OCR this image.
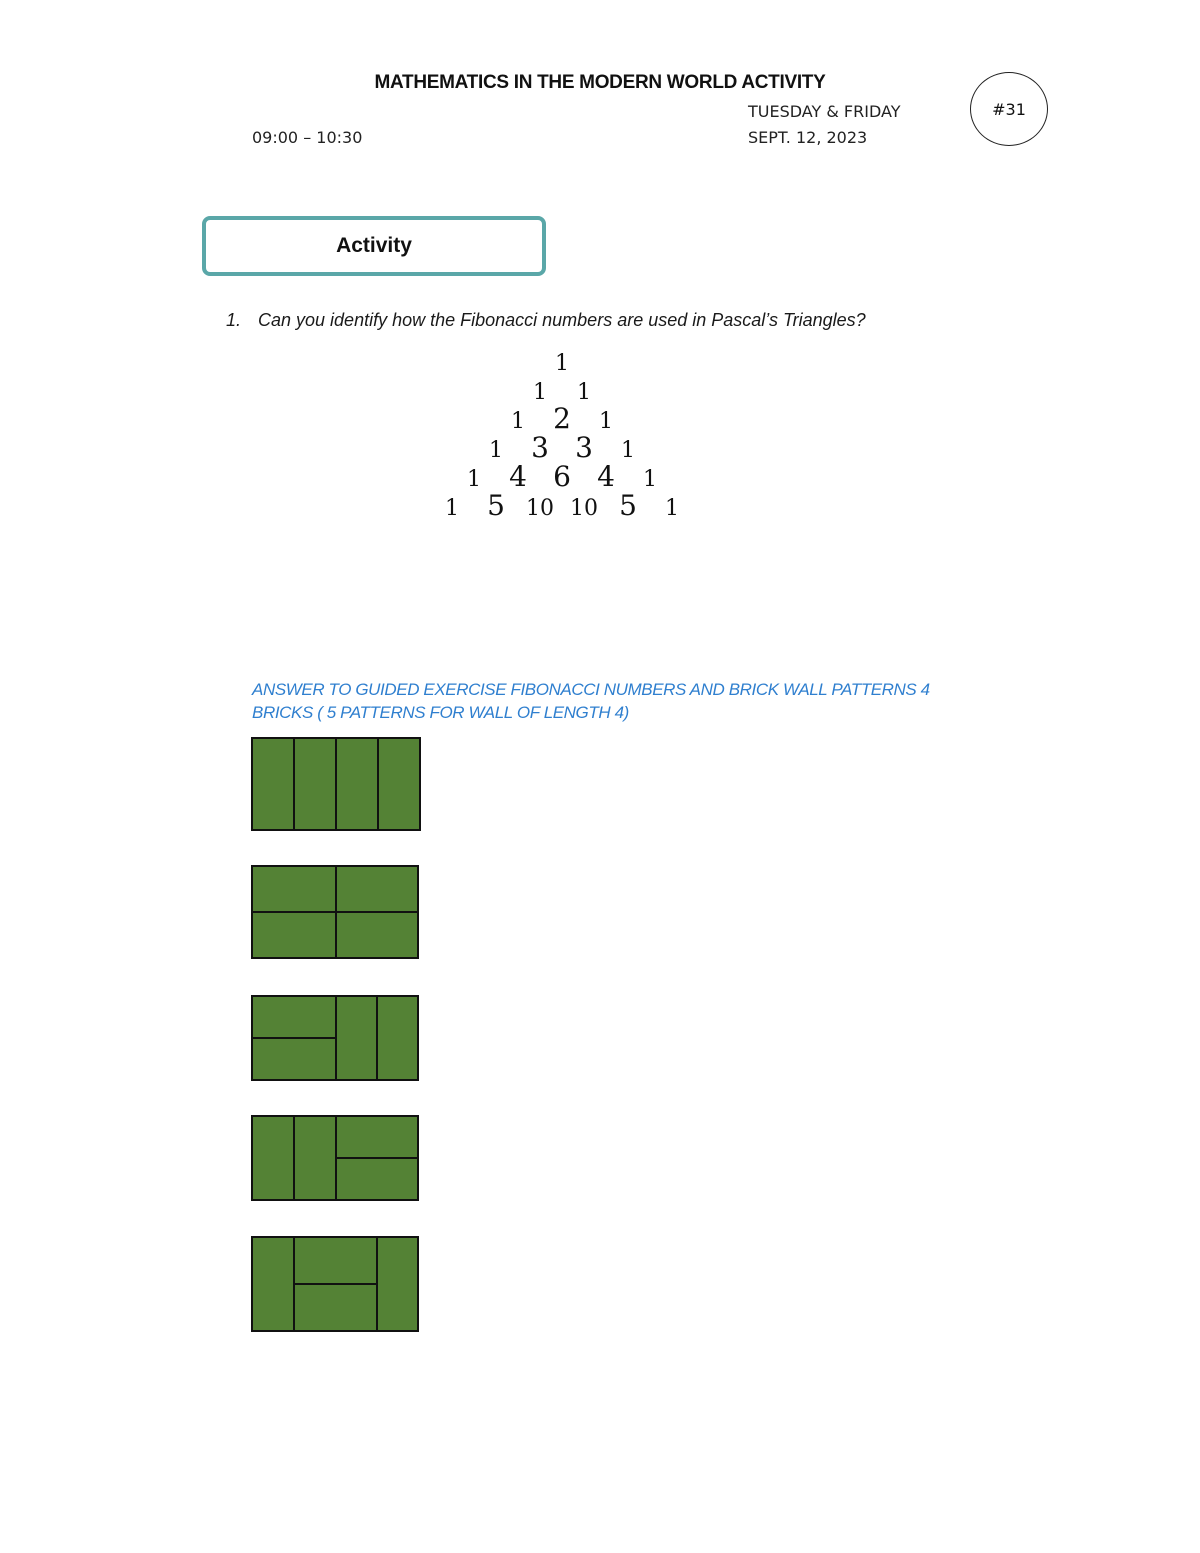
MATHEMATICS IN THE MODERN WORLD ACTIVITY
09:00 – 10:30
TUESDAY & FRIDAY
SEPT. 12, 2023
#31
Activity
1. Can you identify how the Fibonacci numbers are used in Pascal’s Triangles?
1
1 1
1 2 1
1 3 3 1
1 4 6 4 1
1 5 10 10 5 1
ANSWER TO GUIDED EXERCISE FIBONACCI NUMBERS AND BRICK WALL PATTERNS 4
BRICKS ( 5 PATTERNS FOR WALL OF LENGTH 4)
